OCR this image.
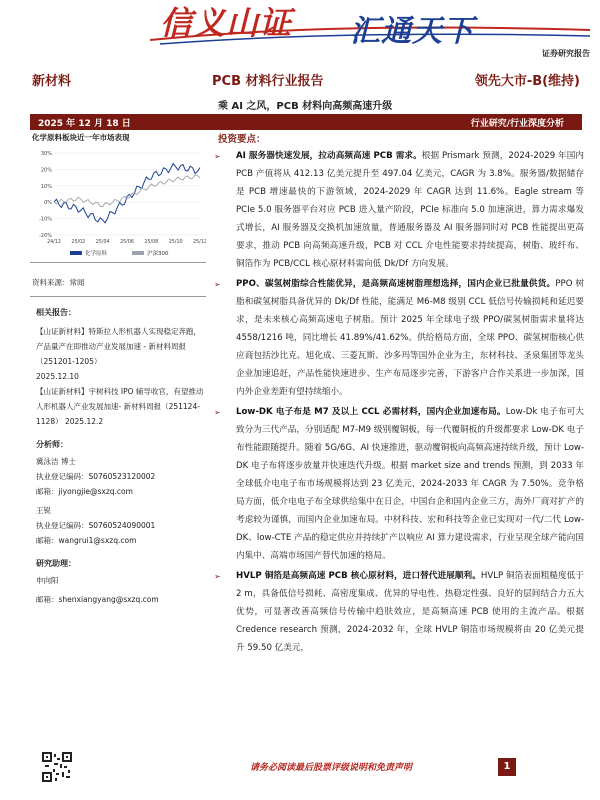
信义山证 汇通天下
证券研究报告
新材料	PCB 材料行业报告	领先大市-B(维持)
乘 AI 之风，PCB 材料向高频高速升级
2025 年 12 月 18 日	行业研究/行业深度分析
化学原料板块近一年市场表现
30%
20%
10%
0%
-10%
-20%
24/12 25/02 25/04 25/06 25/08 25/10 25/12
化学原料	沪深300
资料来源：常闻
相关报告：

【山证新材料】特斯拉人形机器人实现稳定奔跑，产品量产在即推动产业发展加速 - 新材料周报（251201-1205）

2025.12.10

【山证新材料】宇树科技 IPO 辅导收官，有望推动人形机器人产业发展加速- 新材料周报（251124-1128） 2025.12.2

分析师：

冀泳洁 博士

执业登记编码：S0760523120002

邮箱：jiyongjie@sxzq.com

王锐

执业登记编码：S0760524090001

邮箱：wangrui1@sxzq.com

研究助理：

申向阳

邮箱：shenxiangyang@sxzq.com

投资要点：
➢	AI 服务器快速发展，拉动高频高速 PCB 需求。根据 Prismark 预测，2024-2029 年国内 PCB 产值将从 412.13 亿美元提升至 497.04 亿美元，CAGR 为 3.8%。服务器/数据储存是 PCB 增速最快的下游领域，2024-2029 年 CAGR 达到 11.6%。Eagle stream 等 PCIe 5.0 服务器平台对应 PCB 进入量产阶段，PCIe 标准向 5.0 加速演进，算力需求爆发式增长，AI 服务器及交换机加速放量，普通服务器及 AI 服务器同时对 PCB 性能提出更高要求，推动 PCB 向高频高速升级，PCB 对 CCL 介电性能要求持续提高，树脂、玻纤布、铜箔作为 PCB/CCL 核心原材料需向低 Dk/Df 方向发展。
➢	PPO、碳氢树脂综合性能优异，是高频高速树脂理想选择，国内企业已批量供货。PPO 树脂和碳氢树脂具备优异的 Dk/Df 性能，能满足 M6-M8 级别 CCL 低信号传输损耗和延迟要求，是未来核心高频高速电子树脂。预计 2025 年全球电子级 PPO/碳氢树脂需求量将达 4558/1216 吨，同比增长 41.89%/41.62%。供给格局方面，全球 PPO、碳氢树脂核心供应商包括沙比克、旭化成、三菱瓦斯、沙多玛等国外企业为主，东材科技、圣泉集团等龙头企业加速追赶，产品性能快速进步、生产布局逐步完善，下游客户合作关系进一步加深，国内外企业差距有望持续缩小。
➢	Low-DK 电子布是 M7 及以上 CCL 必需材料，国内企业加速布局。Low-Dk 电子布可大致分为三代产品，分别适配 M7-M9 级别覆铜板，每一代覆铜板的升级都要求 Low-DK 电子布性能跟随提升。随着 5G/6G、AI 快速推进，驱动覆铜板向高频高速持续升级，预计 Low-DK 电子布将逐步放量并快速迭代升级。根据 market size and trends 预测，到 2033 年全球低介电电子布市场规模将达到 23 亿美元，2024-2033 年 CAGR 为 7.50%。竞争格局方面，低介电电子布全球供给集中在日企，中国台企和国内企业三方，海外厂商对扩产的考虑较为谨慎，而国内企业加速布局。中材科技、宏和科技等企业已实现对一代/二代 Low-DK、low-CTE 产品的稳定供应并持续扩产以响应 AI 算力建设需求，行业呈现全球产能向国内集中、高端市场国产替代加速的格局。
➢	HVLP 铜箔是高频高速 PCB 核心原材料，进口替代进展顺利。HVLP 铜箔表面粗糙度低于 2 m，具备低信号损耗、高密度集成、优异的导电性、热稳定性强、良好的层间结合力五大优势，可显著改善高频信号传输中趋肤效应，是高频高速 PCB 使用的主流产品。根据 Credence research 预测，2024-2032 年，全球 HVLP 铜箔市场规模将由 20 亿美元提升 59.50 亿美元，
请务必阅读最后股票评级说明和免责声明	1
